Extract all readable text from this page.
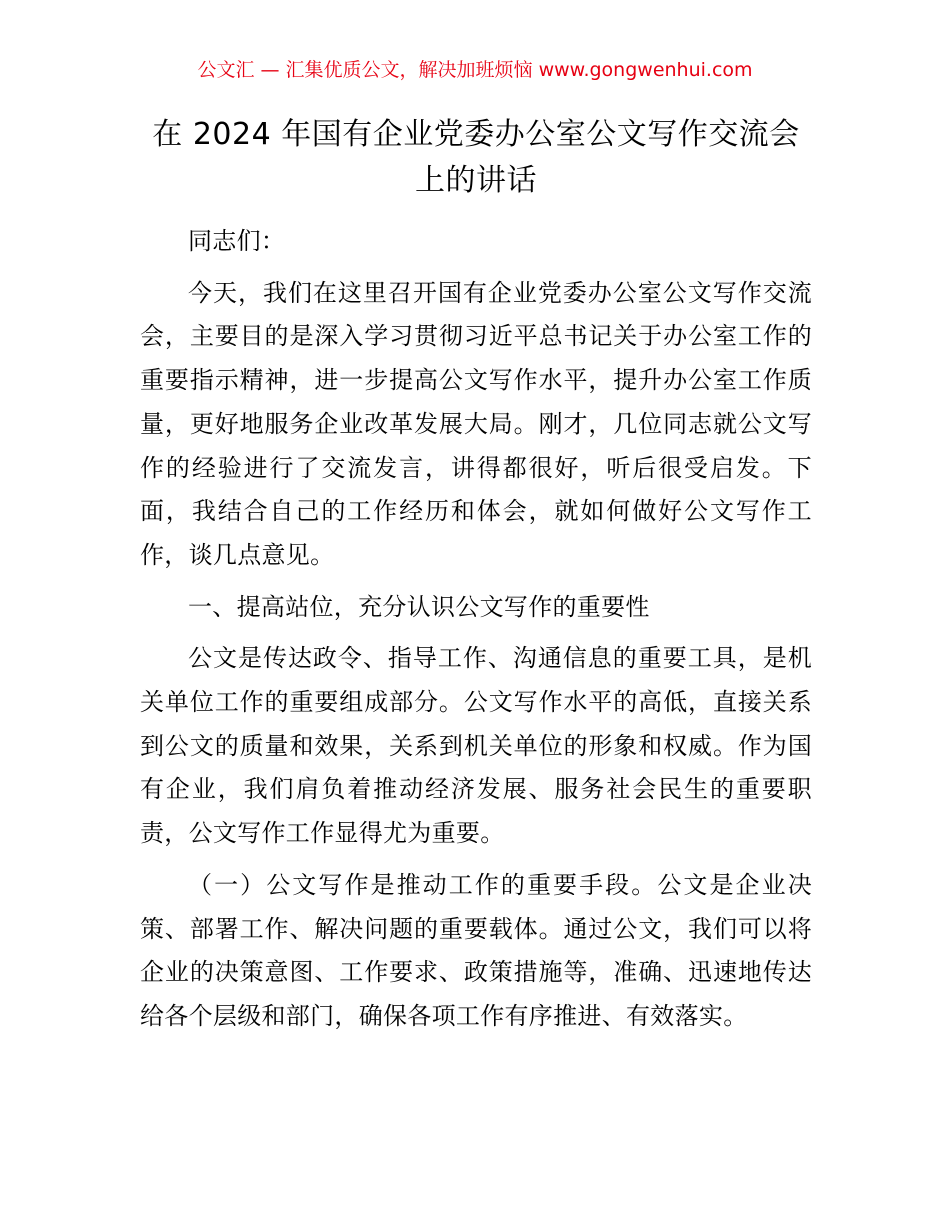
公文汇 — 汇集优质公文，解决加班烦恼 www.gongwenhui.com
在 2024 年国有企业党委办公室公文写作交流会上的讲话

同志们：

今天，我们在这里召开国有企业党委办公室公文写作交流会，主要目的是深入学习贯彻习近平总书记关于办公室工作的重要指示精神，进一步提高公文写作水平，提升办公室工作质量，更好地服务企业改革发展大局。刚才，几位同志就公文写作的经验进行了交流发言，讲得都很好，听后很受启发。下面，我结合自己的工作经历和体会，就如何做好公文写作工作，谈几点意见。

一、提高站位，充分认识公文写作的重要性

公文是传达政令、指导工作、沟通信息的重要工具，是机关单位工作的重要组成部分。公文写作水平的高低，直接关系到公文的质量和效果，关系到机关单位的形象和权威。作为国有企业，我们肩负着推动经济发展、服务社会民生的重要职责，公文写作工作显得尤为重要。

（一）公文写作是推动工作的重要手段。公文是企业决策、部署工作、解决问题的重要载体。通过公文，我们可以将企业的决策意图、工作要求、政策措施等，准确、迅速地传达给各个层级和部门，确保各项工作有序推进、有效落实。
